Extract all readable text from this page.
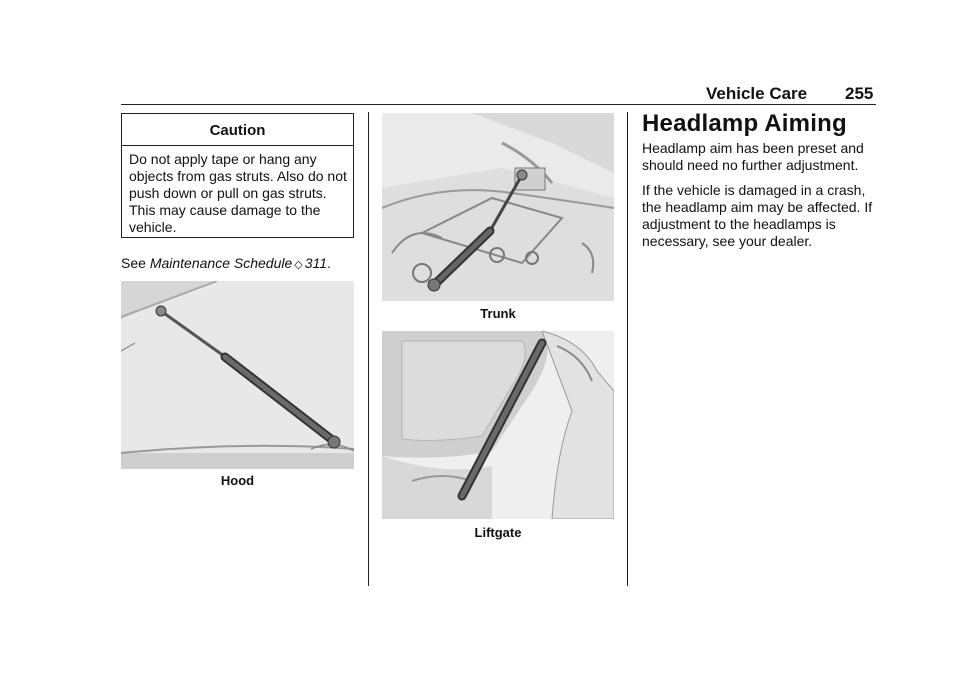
Vehicle Care 255
Caution
Do not apply tape or hang any objects from gas struts. Also do not push down or pull on gas struts. This may cause damage to the vehicle.
See Maintenance Schedule ◇ 311.
Hood
Trunk
Liftgate
Headlamp Aiming
Headlamp aim has been preset and should need no further adjustment.
If the vehicle is damaged in a crash, the headlamp aim may be affected. If adjustment to the headlamps is necessary, see your dealer.
